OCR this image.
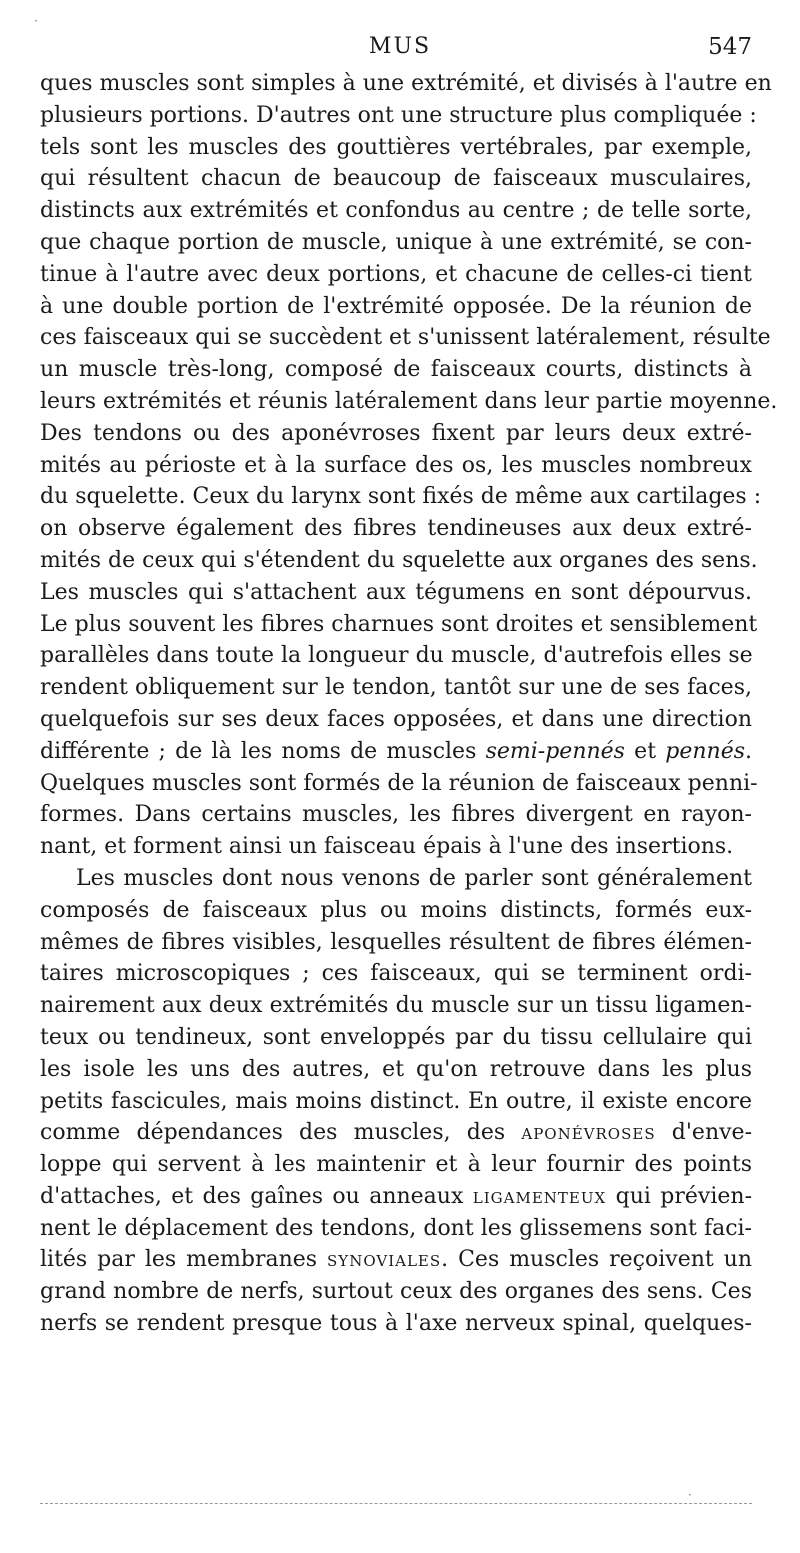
MUS	547
ques muscles sont simples à une extrémité, et divisés à l'autre en
plusieurs portions. D'autres ont une structure plus compliquée :
tels sont les muscles des gouttières vertébrales, par exemple,
qui résultent chacun de beaucoup de faisceaux musculaires,
distincts aux extrémités et confondus au centre ; de telle sorte,
que chaque portion de muscle, unique à une extrémité, se con-
tinue à l'autre avec deux portions, et chacune de celles-ci tient
à une double portion de l'extrémité opposée. De la réunion de
ces faisceaux qui se succèdent et s'unissent latéralement, résulte
un muscle très-long, composé de faisceaux courts, distincts à
leurs extrémités et réunis latéralement dans leur partie moyenne.
Des tendons ou des aponévroses fixent par leurs deux extré-
mités au périoste et à la surface des os, les muscles nombreux
du squelette. Ceux du larynx sont fixés de même aux cartilages :
on observe également des fibres tendineuses aux deux extré-
mités de ceux qui s'étendent du squelette aux organes des sens.
Les muscles qui s'attachent aux tégumens en sont dépourvus.
Le plus souvent les fibres charnues sont droites et sensiblement
parallèles dans toute la longueur du muscle, d'autrefois elles se
rendent obliquement sur le tendon, tantôt sur une de ses faces,
quelquefois sur ses deux faces opposées, et dans une direction
différente ; de là les noms de muscles semi-pennés et pennés.
Quelques muscles sont formés de la réunion de faisceaux penni-
formes. Dans certains muscles, les fibres divergent en rayon-
nant, et forment ainsi un faisceau épais à l'une des insertions.
Les muscles dont nous venons de parler sont généralement
composés de faisceaux plus ou moins distincts, formés eux-
mêmes de fibres visibles, lesquelles résultent de fibres élémen-
taires microscopiques ; ces faisceaux, qui se terminent ordi-
nairement aux deux extrémités du muscle sur un tissu ligamen-
teux ou tendineux, sont enveloppés par du tissu cellulaire qui
les isole les uns des autres, et qu'on retrouve dans les plus
petits fascicules, mais moins distinct. En outre, il existe encore
comme dépendances des muscles, des aponévroses d'enve-
loppe qui servent à les maintenir et à leur fournir des points
d'attaches, et des gaînes ou anneaux ligamenteux qui prévien-
nent le déplacement des tendons, dont les glissemens sont faci-
lités par les membranes synoviales. Ces muscles reçoivent un
grand nombre de nerfs, surtout ceux des organes des sens. Ces
nerfs se rendent presque tous à l'axe nerveux spinal, quelques-
·
·
